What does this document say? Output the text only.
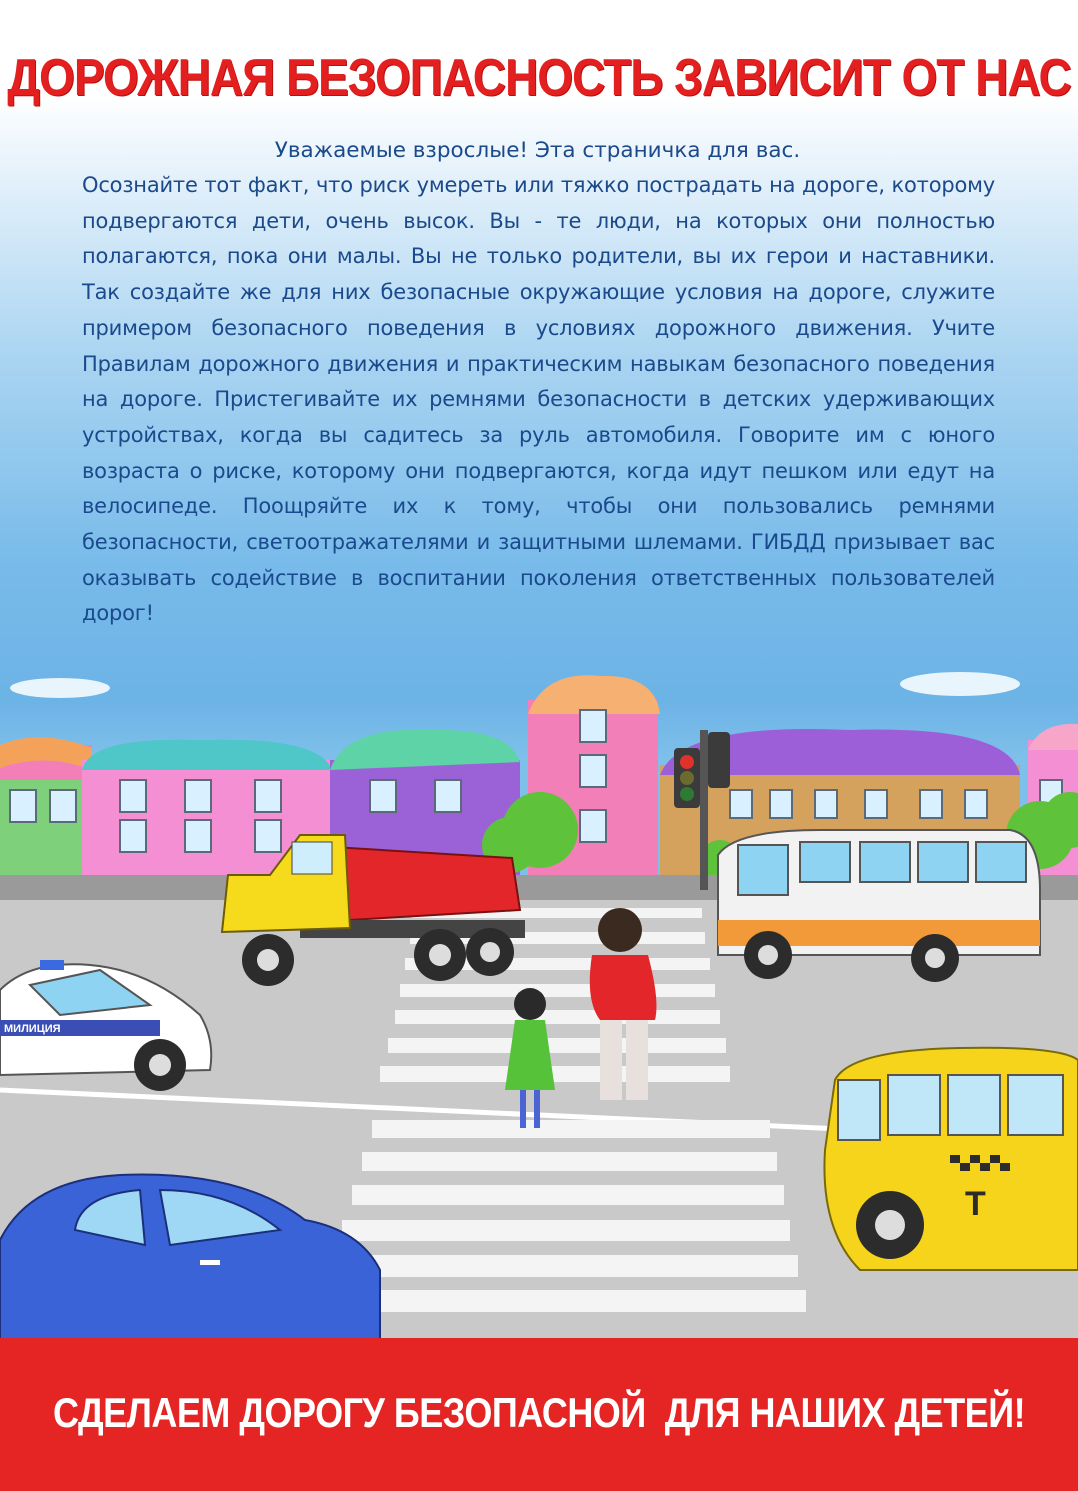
ДОРОЖНАЯ БЕЗОПАСНОСТЬ ЗАВИСИТ ОТ НАС
Уважаемые взрослые! Эта страничка для вас.
Осознайте тот факт, что риск умереть или тяжко пострадать на дороге, которому подвергаются дети, очень высок. Вы - те люди, на которых они полностью полагаются, пока они малы. Вы не только родители, вы их герои и наставники. Так создайте же для них безопасные окружающие условия на дороге, служите примером безопасного поведения в условиях дорожного движения. Учите Правилам дорожного движения и практическим навыкам безопасного поведения на дороге. Пристегивайте их ремнями безопасности в детских удерживающих устройствах, когда вы садитесь за руль автомобиля. Говорите им с юного возраста о риске, которому они подвергаются, когда идут пешком или едут на велосипеде. Поощряйте их к тому, чтобы они пользовались ремнями безопасности, светоотражателями и защитными шлемами. ГИБДД призывает вас оказывать содействие в воспитании поколения ответственных пользователей дорог!
МИЛИЦИЯ
Т
СДЕЛАЕМ ДОРОГУ БЕЗОПАСНОЙ  ДЛЯ НАШИХ ДЕТЕЙ!
